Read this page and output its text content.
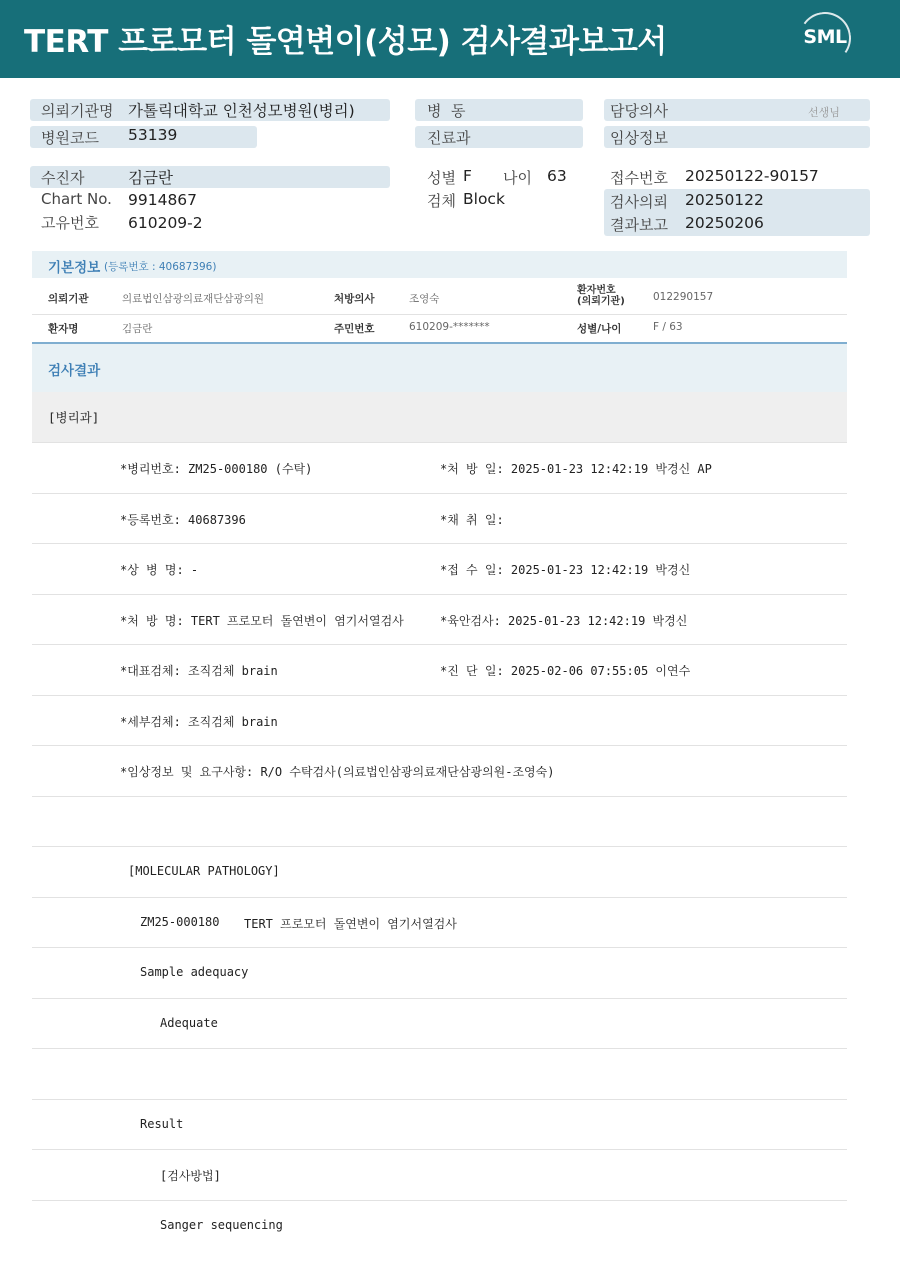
TERT 프로모터 돌연변이(성모) 검사결과보고서	SML
의뢰기관명 가톨릭대학교 인천성모병원(병리)
병원코드 53139
병  동
진료과
담당의사	선생님
임상정보
수진자	김금란
Chart No. 9914867
고유번호 610209-2
성별 F 나이 63
검체 Block
접수번호 20250122-90157
검사의뢰 20250122
결과보고 20250206
기본정보 (등록번호 : 40687396)
의뢰기관	의료법인삼광의료재단삼광의원	처방의사	조영숙
환자번호
(의뢰기관)	012290157
환자명	김금란	주민번호	610209-*******	성별/나이	F / 63
검사결과
[병리과]
*병리번호: ZM25-000180 (수탁)	*처 방 일: 2025-01-23 12:42:19 박경신 AP
*등록번호: 40687396	*채 취 일:
*상 병 명: -	*접 수 일: 2025-01-23 12:42:19 박경신
*처 방 명: TERT 프로모터 돌연변이 염기서열검사	*육안검사: 2025-01-23 12:42:19 박경신
*대표검체: 조직검체 brain	*진 단 일: 2025-02-06 07:55:05 이연수
*세부검체: 조직검체 brain
*임상정보 및 요구사항: R/O 수탁검사(의료법인삼광의료재단삼광의원-조영숙)
[MOLECULAR PATHOLOGY]
ZM25-000180 TERT 프로모터 돌연변이 염기서열검사
Sample adequacy
Adequate
Result
[검사방법]
Sanger sequencing
